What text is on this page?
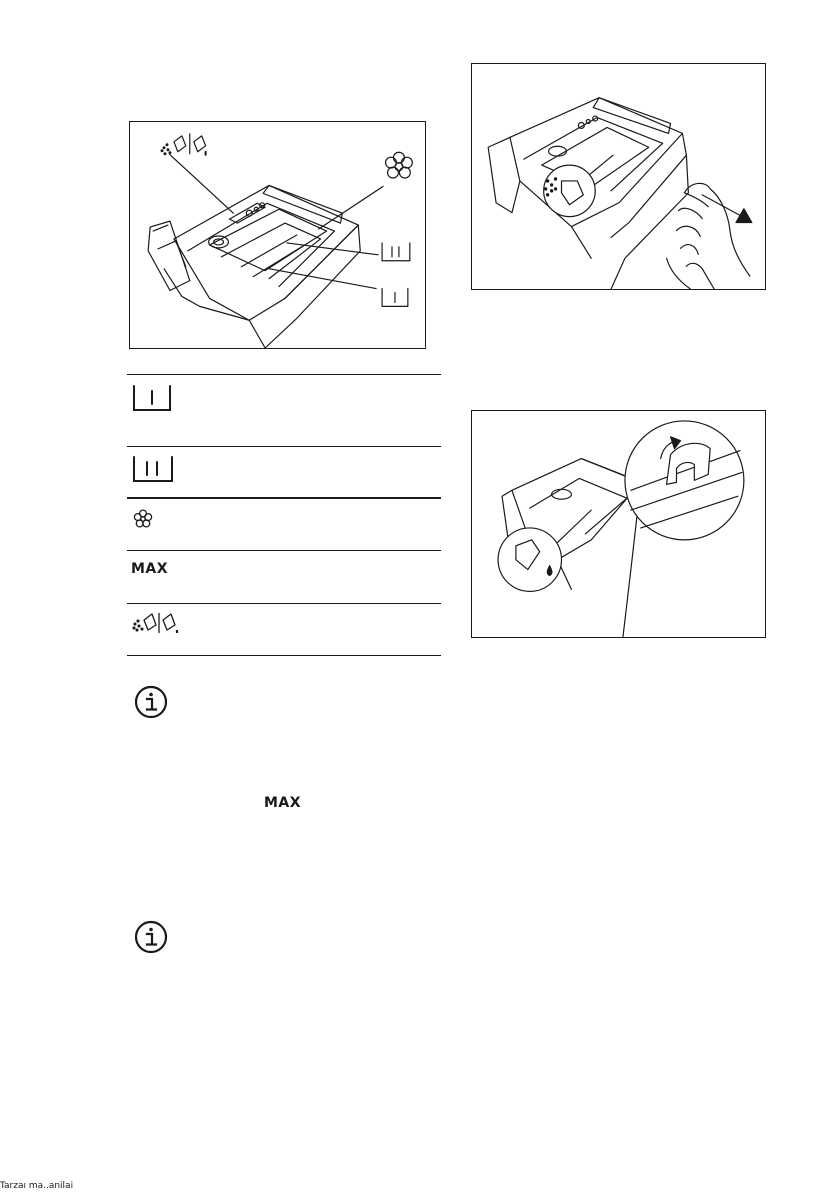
MAX
MAX
Tarzaı ma..anilai
